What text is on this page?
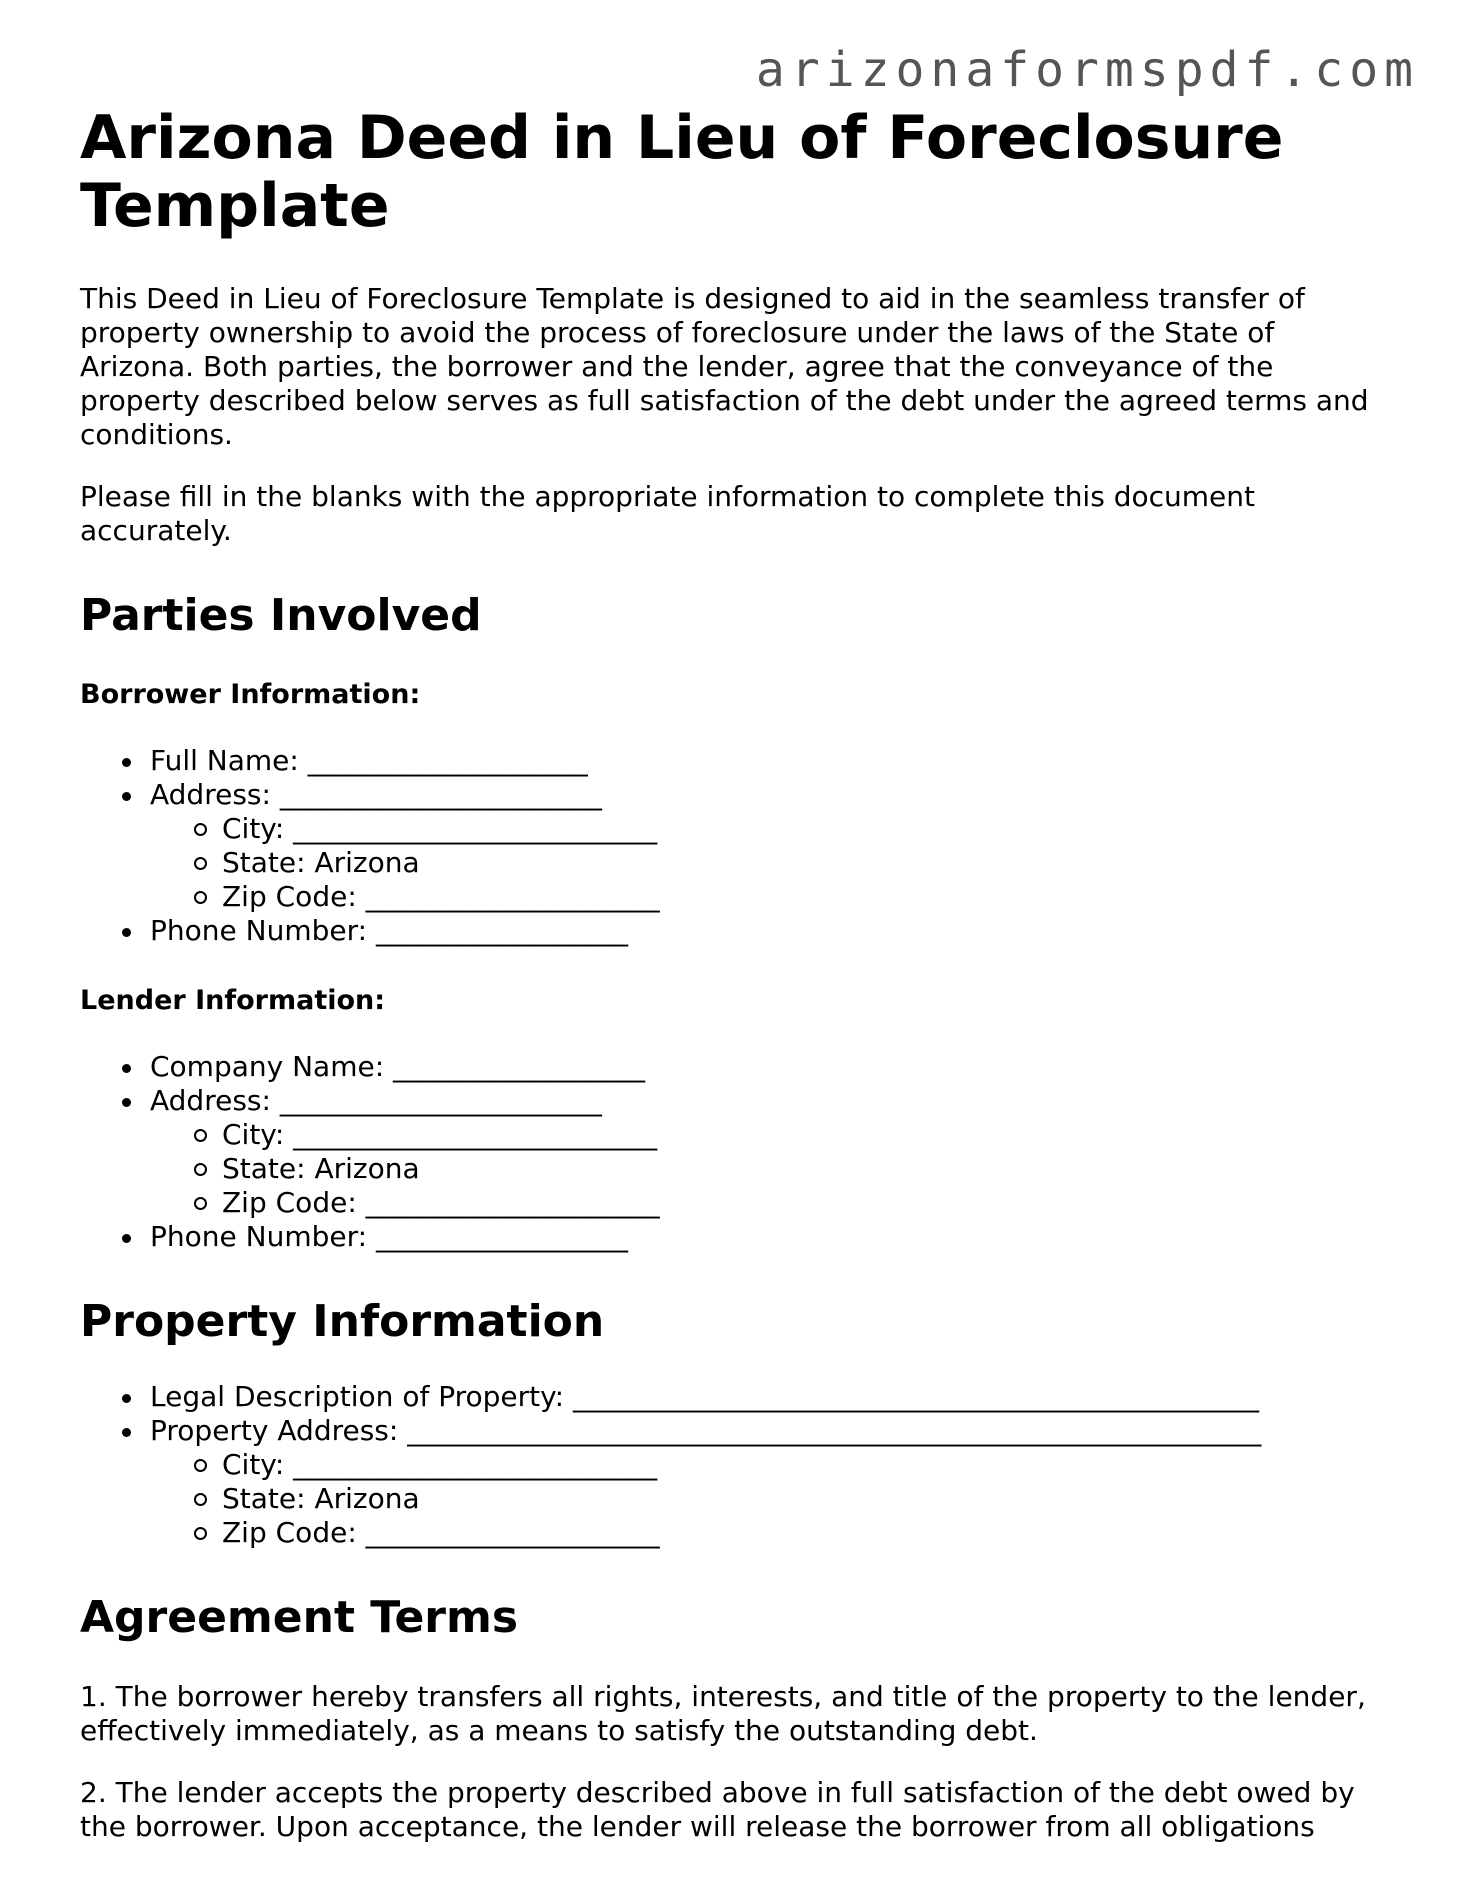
arizonaformspdf.com
Arizona Deed in Lieu of Foreclosure Template

This Deed in Lieu of Foreclosure Template is designed to aid in the seamless transfer of property ownership to avoid the process of foreclosure under the laws of the State of Arizona. Both parties, the borrower and the lender, agree that the conveyance of the property described below serves as full satisfaction of the debt under the agreed terms and conditions.

Please fill in the blanks with the appropriate information to complete this document accurately.

Parties Involved
Borrower Information:
Full Name: ____________________
Address: _______________________
City: __________________________
State: Arizona
Zip Code: _____________________
Phone Number: __________________
Lender Information:
Company Name: __________________
Address: _______________________
City: __________________________
State: Arizona
Zip Code: _____________________
Phone Number: __________________
Property Information
Legal Description of Property: _________________________________________________
Property Address: _____________________________________________________________
City: __________________________
State: Arizona
Zip Code: _____________________
Agreement Terms

1. The borrower hereby transfers all rights, interests, and title of the property to the lender, effectively immediately, as a means to satisfy the outstanding debt.

2. The lender accepts the property described above in full satisfaction of the debt owed by the borrower. Upon acceptance, the lender will release the borrower from all obligations
